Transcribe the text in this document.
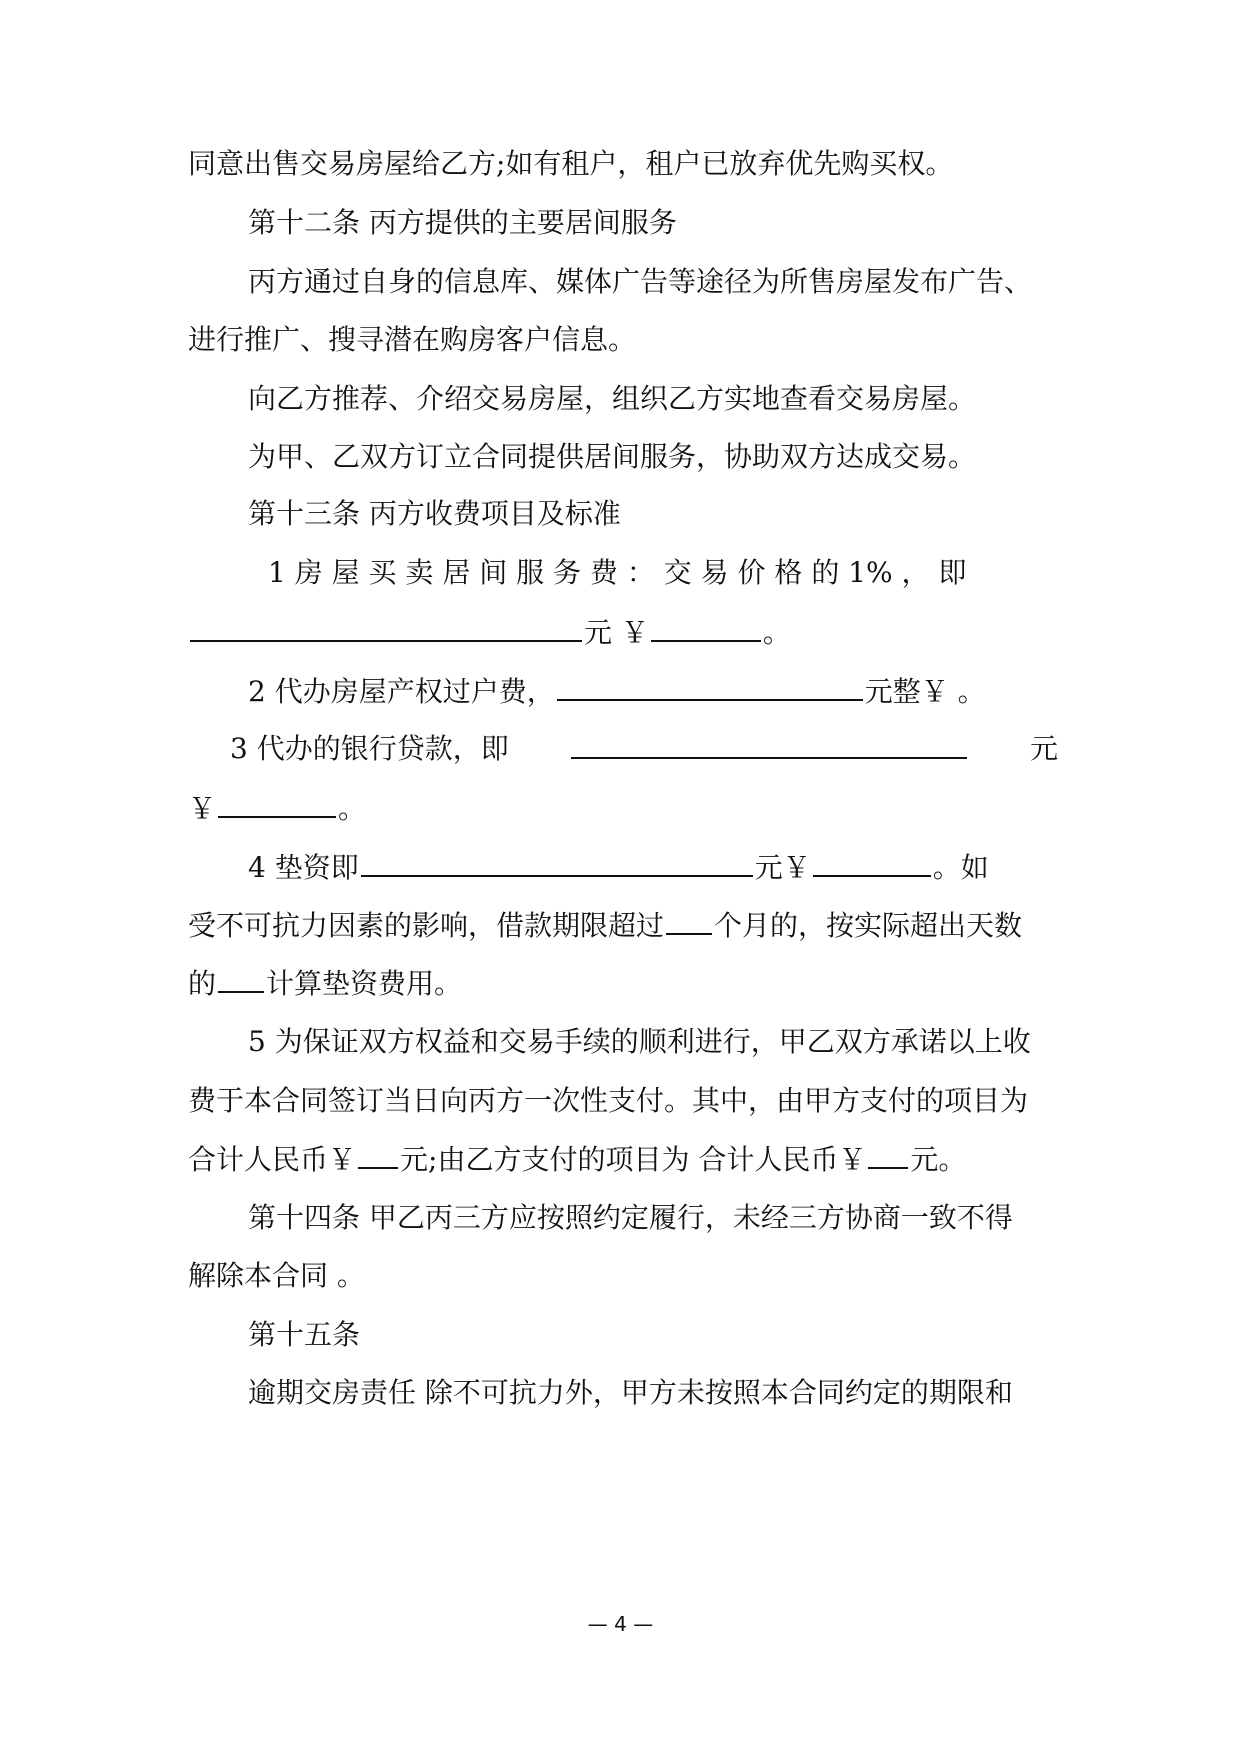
同意出售交易房屋给乙方;如有租户，租户已放弃优先购买权。
第十二条 丙方提供的主要居间服务
丙方通过自身的信息库、媒体广告等途径为所售房屋发布广告、
进行推广、搜寻潜在购房客户信息。
向乙方推荐、介绍交易房屋，组织乙方实地查看交易房屋。
为甲、乙双方订立合同提供居间服务，协助双方达成交易。
第十三条 丙方收费项目及标准
1 房 屋 买 卖 居 间 服 务 费 ： 交 易 价 格 的 1% ， 即
元 ￥	。
2 代办房屋产权过户费，	元整￥ 。
3 代办的银行贷款，即	元
￥	。
4 垫资即	元￥	。如
受不可抗力因素的影响，借款期限超过 个月的，按实际超出天数
的 计算垫资费用。
5 为保证双方权益和交易手续的顺利进行，甲乙双方承诺以上收
费于本合同签订当日向丙方一次性支付。其中，由甲方支付的项目为
合计人民币￥ 元;由乙方支付的项目为 合计人民币￥ 元。
第十四条 甲乙丙三方应按照约定履行，未经三方协商一致不得
解除本合同 。
第十五条
逾期交房责任 除不可抗力外，甲方未按照本合同约定的期限和
— 4 —
